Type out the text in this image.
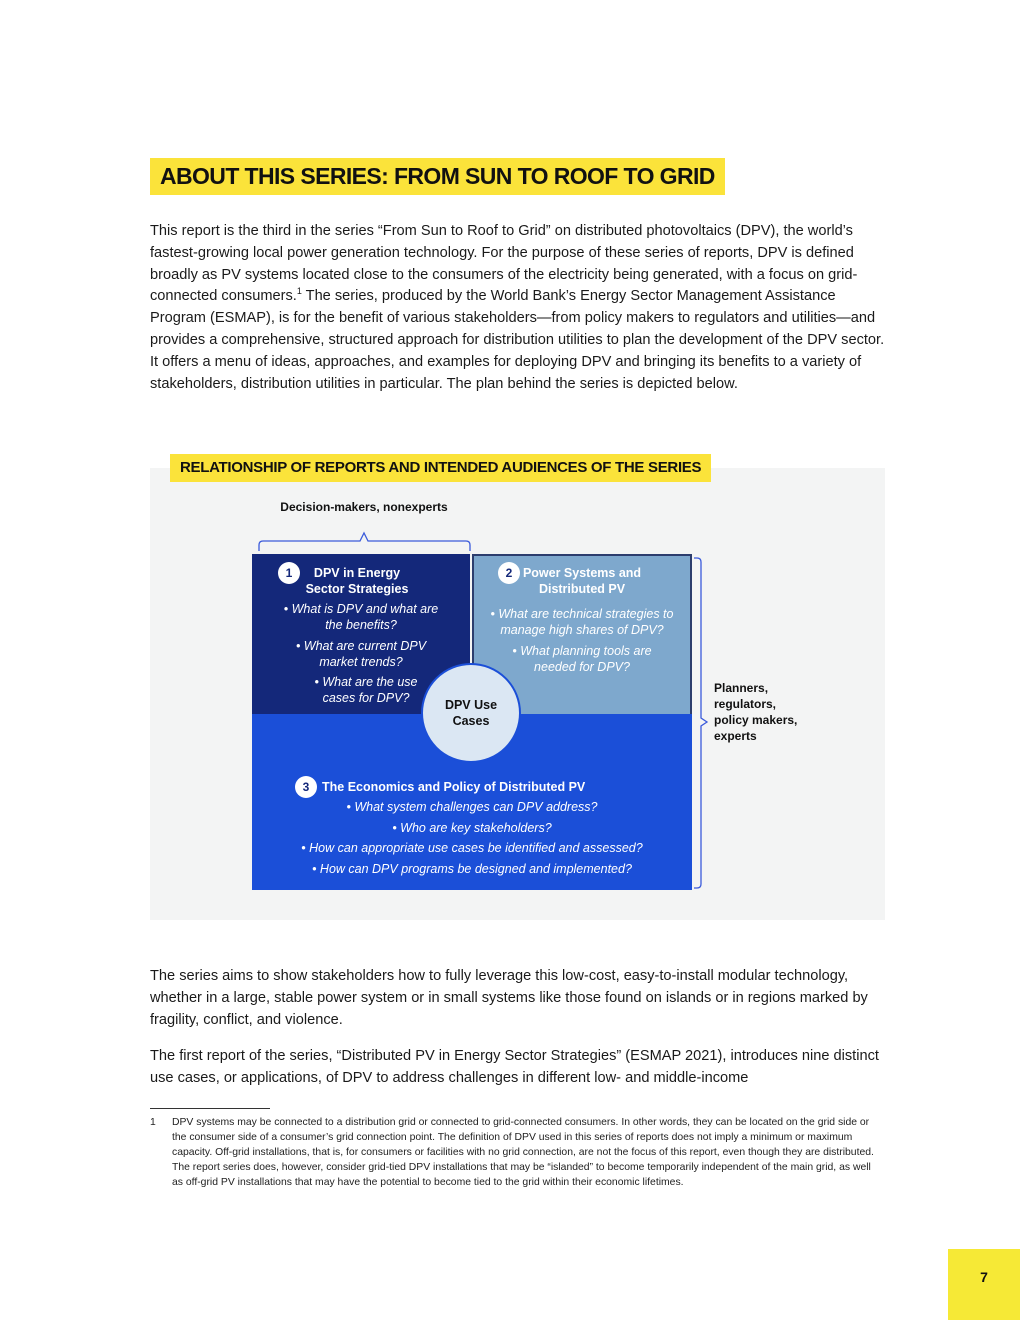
ABOUT THIS SERIES: FROM SUN TO ROOF TO GRID

This report is the third in the series “From Sun to Roof to Grid” on distributed photovoltaics (DPV), the world’s fastest-growing local power generation technology. For the purpose of these series of reports, DPV is defined broadly as PV systems located close to the consumers of the electricity being generated, with a focus on grid-connected consumers.$^1$ The series, produced by the World Bank’s Energy Sector Management Assistance Program (ESMAP), is for the benefit of various stakeholders—from policy makers to regulators and utilities—and provides a comprehensive, structured approach for distribution utilities to plan the development of the DPV sector. It offers a menu of ideas, approaches, and examples for deploying DPV and bringing its benefits to a variety of stakeholders, distribution utilities in particular. The plan behind the series is depicted below.

RELATIONSHIP OF REPORTS AND INTENDED AUDIENCES OF THE SERIES
Decision-makers, nonexperts
Planners, regulators, policy makers, experts
1	DPV in Energy Sector Strategies
• What is DPV and what are the benefits?
• What are current DPV market trends?
• What are the use cases for DPV?
2 Power Systems and Distributed PV
• What are technical strategies to manage high shares of DPV?
• What planning tools are needed for DPV?
3	The Economics and Policy of Distributed PV
• What system challenges can DPV address?
• Who are key stakeholders?
• How can appropriate use cases be identified and assessed?
• How can DPV programs be designed and implemented?
DPV Use Cases

The series aims to show stakeholders how to fully leverage this low-cost, easy-to-install modular technology, whether in a large, stable power system or in small systems like those found on islands or in regions marked by fragility, conflict, and violence.

The first report of the series, “Distributed PV in Energy Sector Strategies” (ESMAP 2021), introduces nine distinct use cases, or applications, of DPV to address challenges in different low- and middle-income

1	DPV systems may be connected to a distribution grid or connected to grid-connected consumers. In other words, they can be located on the grid side or the consumer side of a consumer’s grid connection point. The definition of DPV used in this series of reports does not imply a minimum or maximum capacity. Off-grid installations, that is, for consumers or facilities with no grid connection, are not the focus of this report, even though they are distributed. The report series does, however, consider grid-tied DPV installations that may be “islanded” to become temporarily independent of the main grid, as well as off-grid PV installations that may have the potential to become tied to the grid within their economic lifetimes.

7
